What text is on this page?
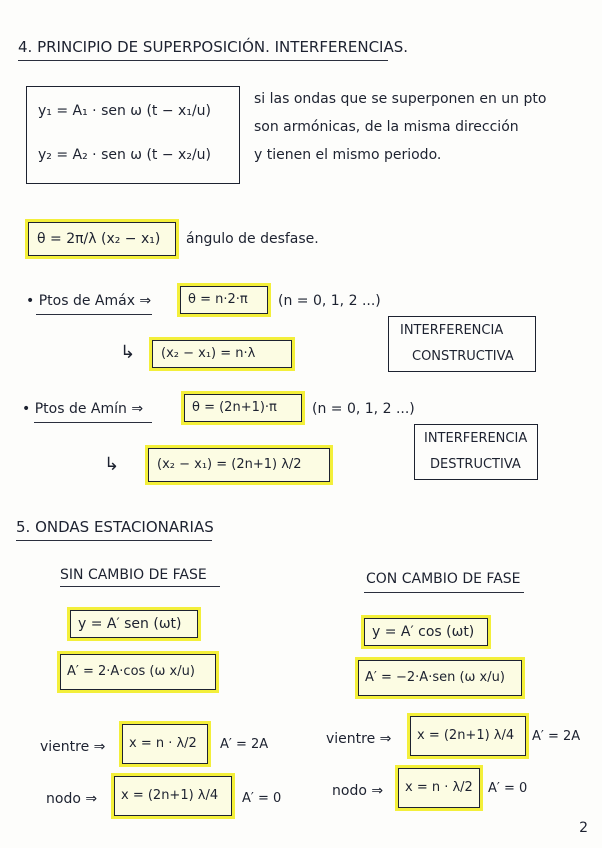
4. PRINCIPIO DE SUPERPOSICIÓN. INTERFERENCIAS.
y₁ = A₁ · sen ω (t − x₁/u)
y₂ = A₂ · sen ω (t − x₂/u)
si las ondas que se superponen en un pto
son armónicas, de la misma dirección
y tienen el mismo periodo.
θ = 2π/λ (x₂ − x₁)	ángulo de desfase.
• Ptos de Amáx ⇒	θ = n·2·π	(n = 0, 1, 2 ...)
↳ (x₂ − x₁) = n·λ
INTERFERENCIA
CONSTRUCTIVA
• Ptos de Amín ⇒	θ = (2n+1)·π	(n = 0, 1, 2 ...)
↳	(x₂ − x₁) = (2n+1) λ/2
INTERFERENCIA
DESTRUCTIVA
5. ONDAS ESTACIONARIAS
SIN CAMBIO DE FASE	CON CAMBIO DE FASE
y = A′ sen (ωt)
A′ = 2·A·cos (ω x/u)
y = A′ cos (ωt)
A′ = −2·A·sen (ω x/u)
vientre ⇒ x = n · λ/2	A′ = 2A
nodo ⇒ x = (2n+1) λ/4	A′ = 0
vientre ⇒ x = (2n+1) λ/4	A′ = 2A
nodo ⇒ x = n · λ/2 A′ = 0
2
